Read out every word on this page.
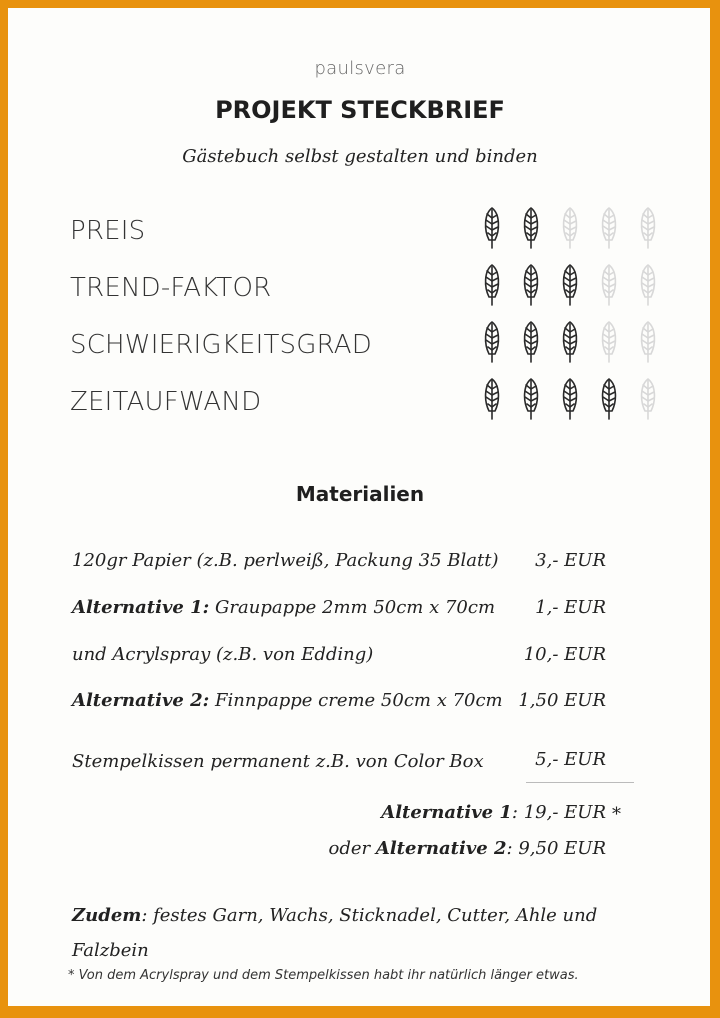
paulsvera
PROJEKT STECKBRIEF
Gästebuch selbst gestalten und binden
PREIS
TREND-FAKTOR
SCHWIERIGKEITSGRAD
ZEITAUFWAND
Materialien
120gr Papier (z.B. perlweiß, Packung 35 Blatt) 3,- EUR
Alternative 1: Graupappe 2mm 50cm x 70cm 1,- EUR
und Acrylspray (z.B. von Edding)	10,- EUR
Alternative 2: Finnpappe creme 50cm x 70cm 1,50 EUR
Stempelkissen permanent z.B. von Color Box	5,- EUR
Alternative 1: 19,- EUR *
oder Alternative 2: 9,50 EUR
Zudem: festes Garn, Wachs, Sticknadel, Cutter, Ahle und Falzbein
* Von dem Acrylspray und dem Stempelkissen habt ihr natürlich länger etwas.
